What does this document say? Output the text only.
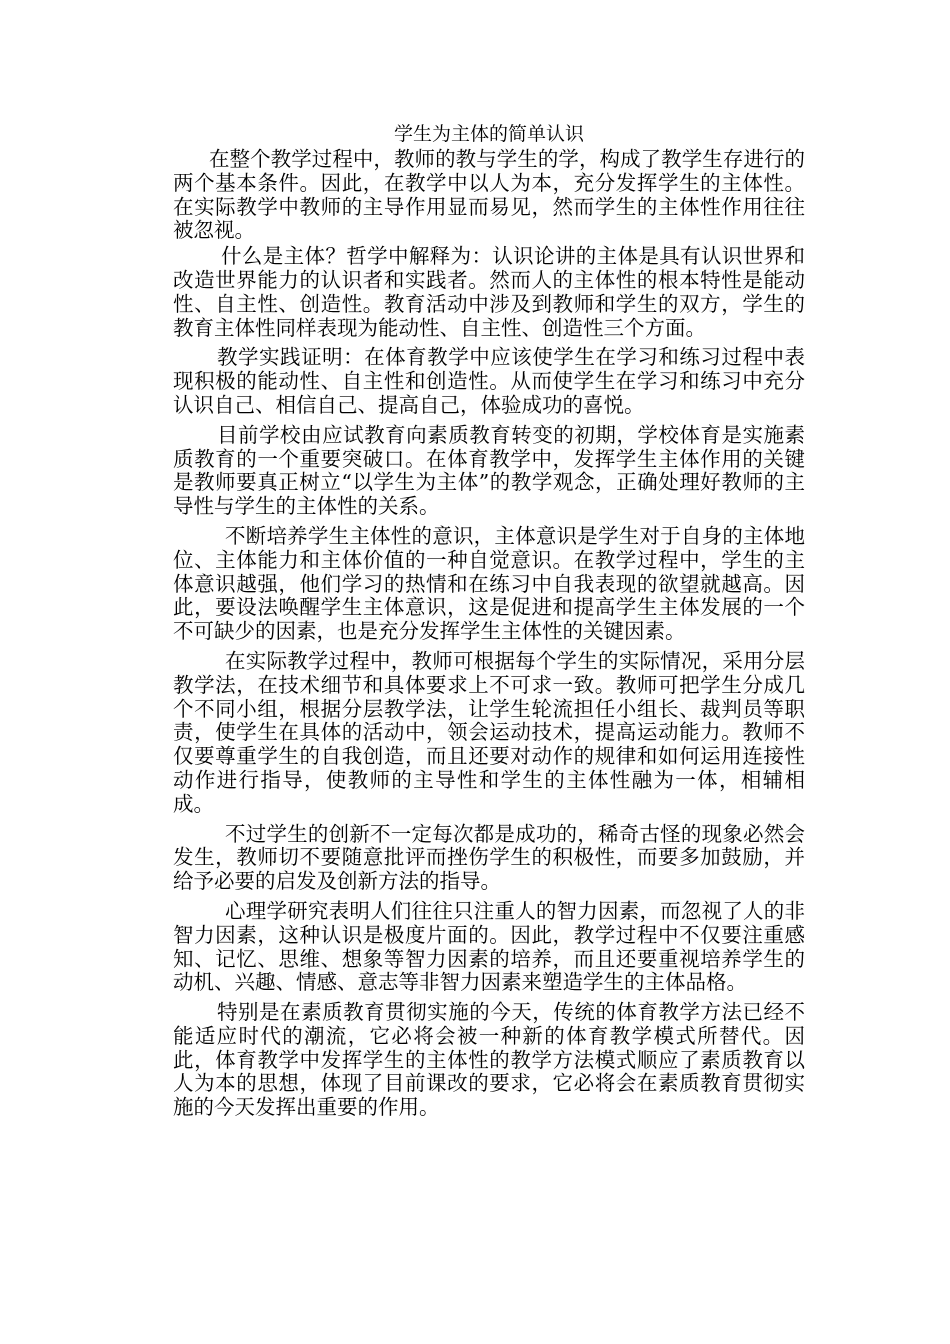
学生为主体的简单认识

在整个教学过程中，教师的教与学生的学，构成了教学生存进行的两个基本条件。因此，在教学中以人为本，充分发挥学生的主体性。在实际教学中教师的主导作用显而易见，然而学生的主体性作用往往被忽视。

什么是主体？哲学中解释为：认识论讲的主体是具有认识世界和改造世界能力的认识者和实践者。然而人的主体性的根本特性是能动性、自主性、创造性。教育活动中涉及到教师和学生的双方，学生的教育主体性同样表现为能动性、自主性、创造性三个方面。

教学实践证明：在体育教学中应该使学生在学习和练习过程中表现积极的能动性、自主性和创造性。从而使学生在学习和练习中充分认识自己、相信自己、提高自己，体验成功的喜悦。

目前学校由应试教育向素质教育转变的初期，学校体育是实施素质教育的一个重要突破口。在体育教学中，发挥学生主体作用的关键是教师要真正树立“以学生为主体”的教学观念，正确处理好教师的主导性与学生的主体性的关系。

不断培养学生主体性的意识，主体意识是学生对于自身的主体地位、主体能力和主体价值的一种自觉意识。在教学过程中，学生的主体意识越强，他们学习的热情和在练习中自我表现的欲望就越高。因此，要设法唤醒学生主体意识，这是促进和提高学生主体发展的一个不可缺少的因素，也是充分发挥学生主体性的关键因素。

在实际教学过程中，教师可根据每个学生的实际情况，采用分层教学法，在技术细节和具体要求上不可求一致。教师可把学生分成几个不同小组，根据分层教学法，让学生轮流担任小组长、裁判员等职责，使学生在具体的活动中，领会运动技术，提高运动能力。教师不仅要尊重学生的自我创造，而且还要对动作的规律和如何运用连接性动作进行指导，使教师的主导性和学生的主体性融为一体，相辅相成。

不过学生的创新不一定每次都是成功的，稀奇古怪的现象必然会发生，教师切不要随意批评而挫伤学生的积极性，而要多加鼓励，并给予必要的启发及创新方法的指导。

心理学研究表明人们往往只注重人的智力因素，而忽视了人的非智力因素，这种认识是极度片面的。因此，教学过程中不仅要注重感知、记忆、思维、想象等智力因素的培养，而且还要重视培养学生的动机、兴趣、情感、意志等非智力因素来塑造学生的主体品格。

特别是在素质教育贯彻实施的今天，传统的体育教学方法已经不能适应时代的潮流，它必将会被一种新的体育教学模式所替代。因此，体育教学中发挥学生的主体性的教学方法模式顺应了素质教育以人为本的思想，体现了目前课改的要求，它必将会在素质教育贯彻实施的今天发挥出重要的作用。
